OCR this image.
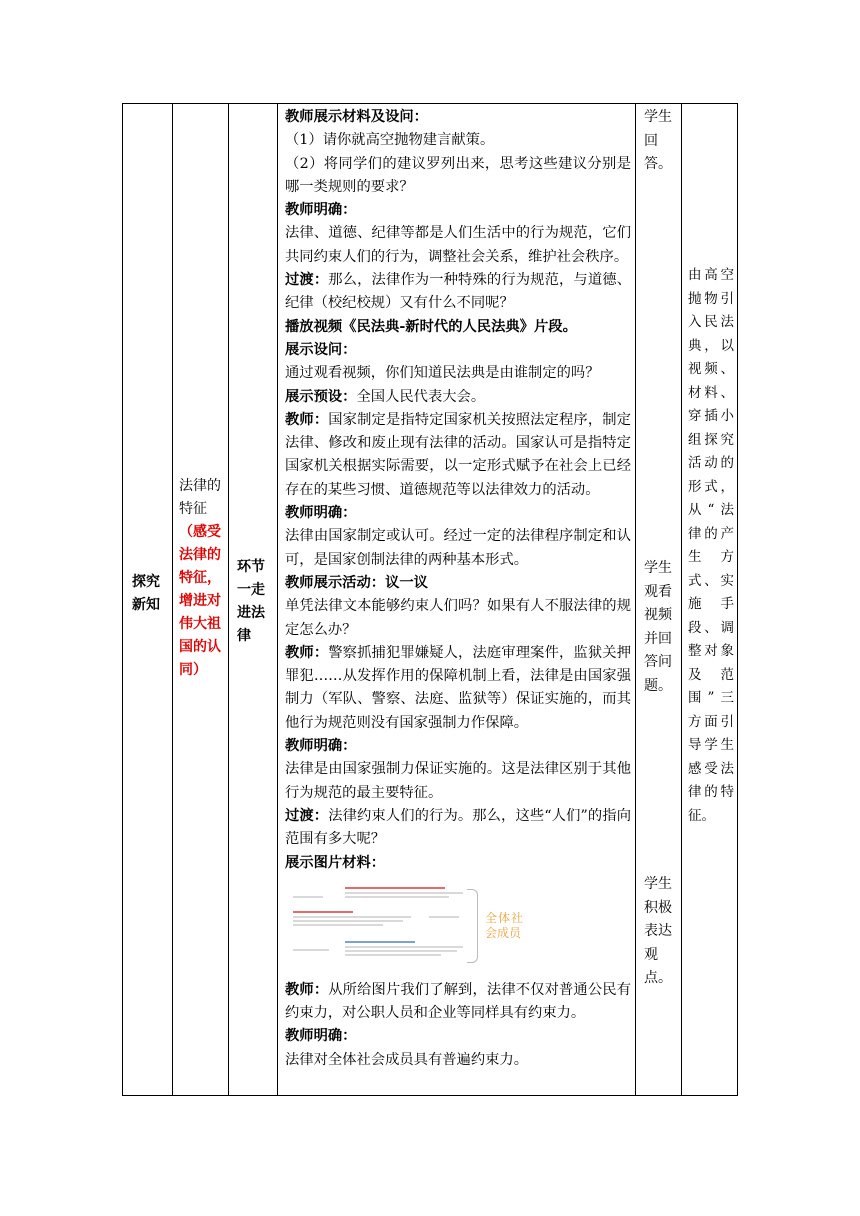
探究新知
法律的特征（感受法律的特征，增进对伟大祖国的认同）
环节一走进法律

教师展示材料及设问：

（1）请你就高空抛物建言献策。

（2）将同学们的建议罗列出来，思考这些建议分别是哪一类规则的要求？

教师明确：

法律、道德、纪律等都是人们生活中的行为规范，它们共同约束人们的行为，调整社会关系，维护社会秩序。

过渡：那么，法律作为一种特殊的行为规范，与道德、纪律（校纪校规）又有什么不同呢？

播放视频《民法典-新时代的人民法典》片段。

展示设问：

通过观看视频，你们知道民法典是由谁制定的吗？

展示预设：全国人民代表大会。

教师：国家制定是指特定国家机关按照法定程序，制定法律、修改和废止现有法律的活动。国家认可是指特定国家机关根据实际需要，以一定形式赋予在社会上已经存在的某些习惯、道德规范等以法律效力的活动。

教师明确：

法律由国家制定或认可。经过一定的法律程序制定和认可，是国家创制法律的两种基本形式。

教师展示活动：议一议

单凭法律文本能够约束人们吗？如果有人不服法律的规定怎么办？

教师：警察抓捕犯罪嫌疑人，法庭审理案件，监狱关押罪犯……从发挥作用的保障机制上看，法律是由国家强制力（军队、警察、法庭、监狱等）保证实施的，而其他行为规范则没有国家强制力作保障。

教师明确：

法律是由国家强制力保证实施的。这是法律区别于其他行为规范的最主要特征。

过渡：法律约束人们的行为。那么，这些“人们”的指向范围有多大呢？

展示图片材料：

全体社会成员

教师：从所给图片我们了解到，法律不仅对普通公民有约束力，对公职人员和企业等同样具有约束力。

教师明确：

法律对全体社会成员具有普遍约束力。

学生回答。
学生观看视频并回答问题。
学生积极表达观点。
由高空抛物引入民法典，以视频、材料、穿插小组探究活动的形式，从“法律的产生方式、实施手段、调整对象及范围”三方面引导学生感受法律的特征。
